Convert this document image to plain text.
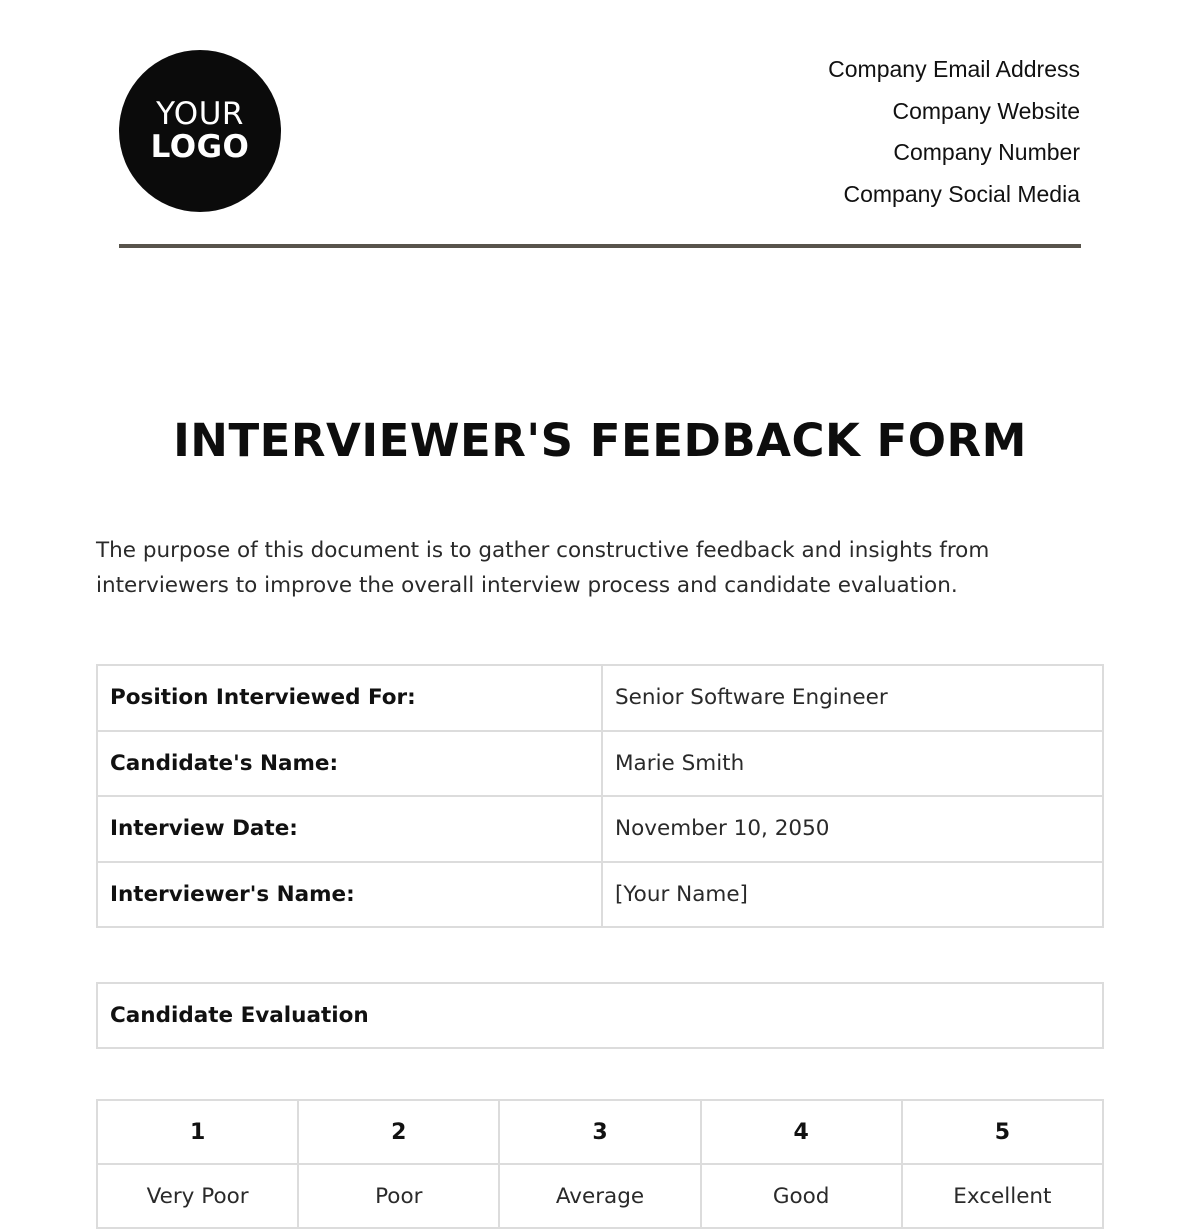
YOUR
LOGO
Company Email Address
Company Website
Company Number
Company Social Media
INTERVIEWER'S FEEDBACK FORM

The purpose of this document is to gather constructive feedback and insights from interviewers to improve the overall interview process and candidate evaluation.

Position Interviewed For:	Senior Software Engineer
Candidate's Name:	Marie Smith
Interview Date:	November 10, 2050
Interviewer's Name:	[Your Name]
Candidate Evaluation
1	2	3	4	5
Very Poor	Poor	Average	Good	Excellent
